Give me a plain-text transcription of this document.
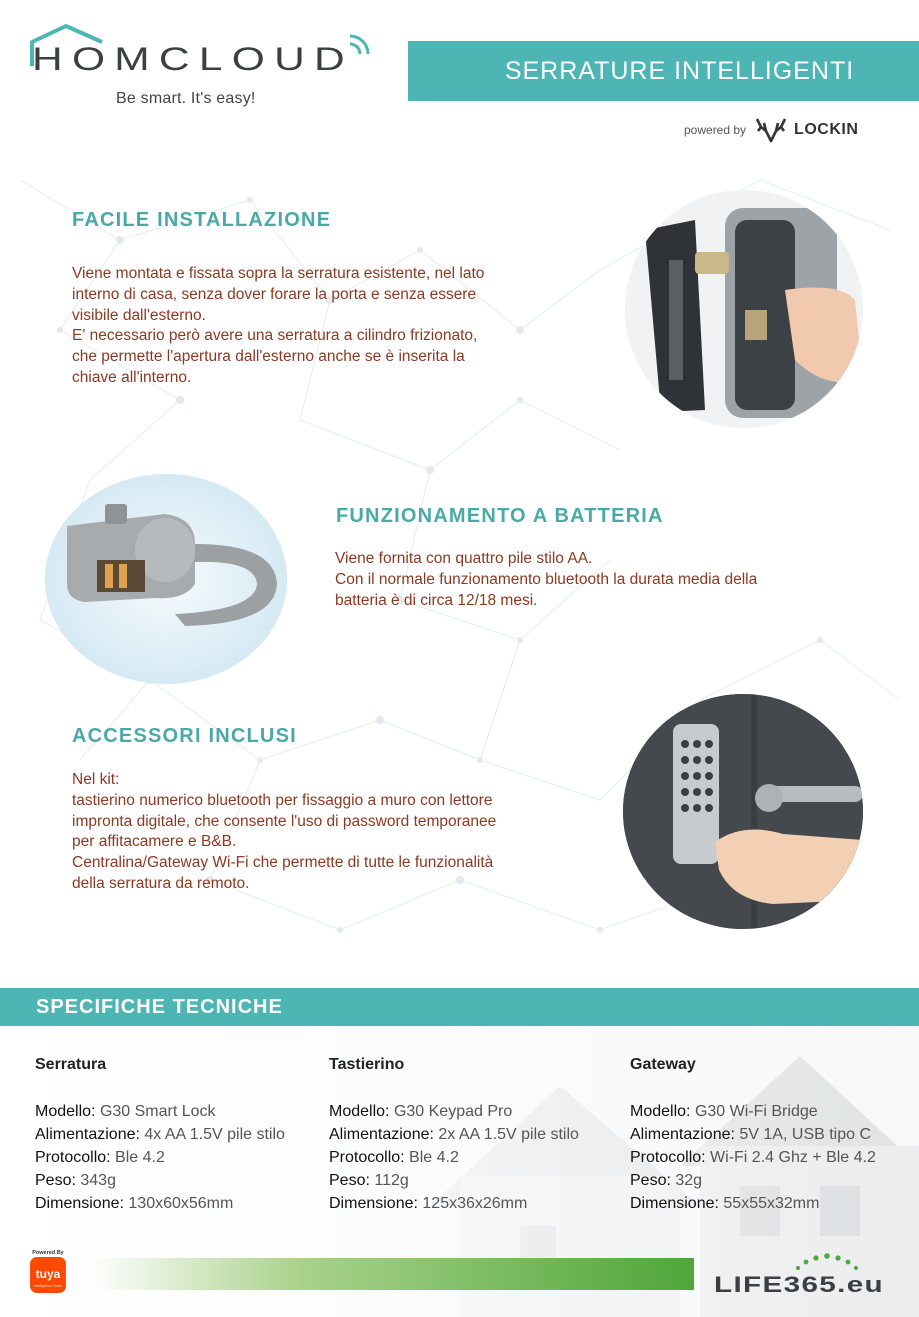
HOMCLOUD
Be smart. It's easy!
SERRATURE INTELLIGENTI
powered by	LOCKIN
FACILE INSTALLAZIONE
Viene montata e fissata sopra la serratura esistente, nel lato
interno di casa, senza dover forare la porta e senza essere
visibile dall'esterno.
E' necessario però avere una serratura a cilindro frizionato,
che permette l'apertura dall'esterno anche se è inserita la
chiave all'interno.
FUNZIONAMENTO A BATTERIA
Viene fornita con quattro pile stilo AA.
Con il normale funzionamento bluetooth la durata media della
batteria è di circa 12/18 mesi.
ACCESSORI INCLUSI
Nel kit:
tastierino numerico bluetooth per fissaggio a muro con lettore
impronta digitale, che consente l'uso di password temporanee
per affitacamere e B&B.
Centralina/Gateway Wi-Fi che permette di tutte le funzionalità
della serratura da remoto.
SPECIFICHE TECNICHE
Serratura
Modello: G30 Smart Lock
Alimentazione: 4x AA 1.5V pile stilo
Protocollo: Ble 4.2
Peso: 343g
Dimensione: 130x60x56mm
Tastierino
Modello: G30 Keypad Pro
Alimentazione: 2x AA 1.5V pile stilo
Protocollo: Ble 4.2
Peso: 112g
Dimensione: 125x36x26mm
Gateway
Modello: G30 Wi-Fi Bridge
Alimentazione: 5V 1A, USB tipo C
Protocollo: Wi-Fi 2.4 Ghz + Ble 4.2
Peso: 32g
Dimensione: 55x55x32mm
Powered By
tuya
Intelligence Inside	LIFE365.eu
